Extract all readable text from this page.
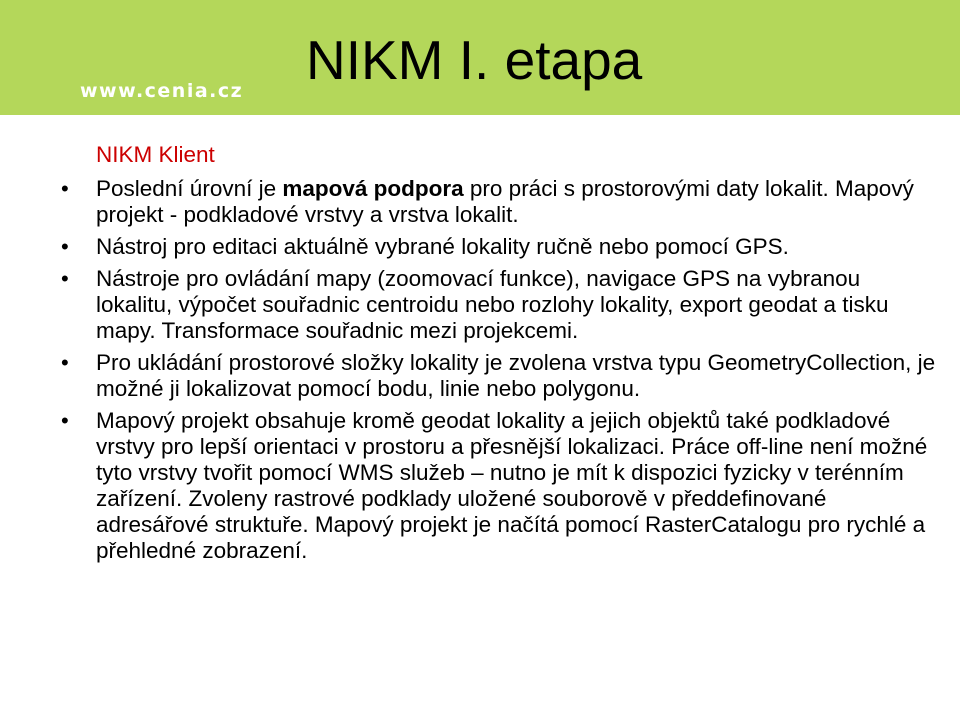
www.cenia.cz NIKM I. etapa
NIKM Klient
• Poslední úrovní je mapová podpora pro práci s prostorovými daty lokalit. Mapový projekt - podkladové vrstvy a vrstva lokalit.
• Nástroj pro editaci aktuálně vybrané lokality ručně nebo pomocí GPS.
• Nástroje pro ovládání mapy (zoomovací funkce), navigace GPS na vybranou lokalitu, výpočet souřadnic centroidu nebo rozlohy lokality, export geodat a tisku mapy. Transformace souřadnic mezi projekcemi.
• Pro ukládání prostorové složky lokality je zvolena vrstva typu GeometryCollection, je možné ji lokalizovat pomocí bodu, linie nebo polygonu.
• Mapový projekt obsahuje kromě geodat lokality a jejich objektů také podkladové vrstvy pro lepší orientaci v prostoru a přesnější lokalizaci. Práce off-line není možné tyto vrstvy tvořit pomocí WMS služeb – nutno je mít k dispozici fyzicky v terénním zařízení. Zvoleny rastrové podklady uložené souborově v předdefinované adresářové struktuře. Mapový projekt je načítá pomocí RasterCatalogu pro rychlé a přehledné zobrazení.
